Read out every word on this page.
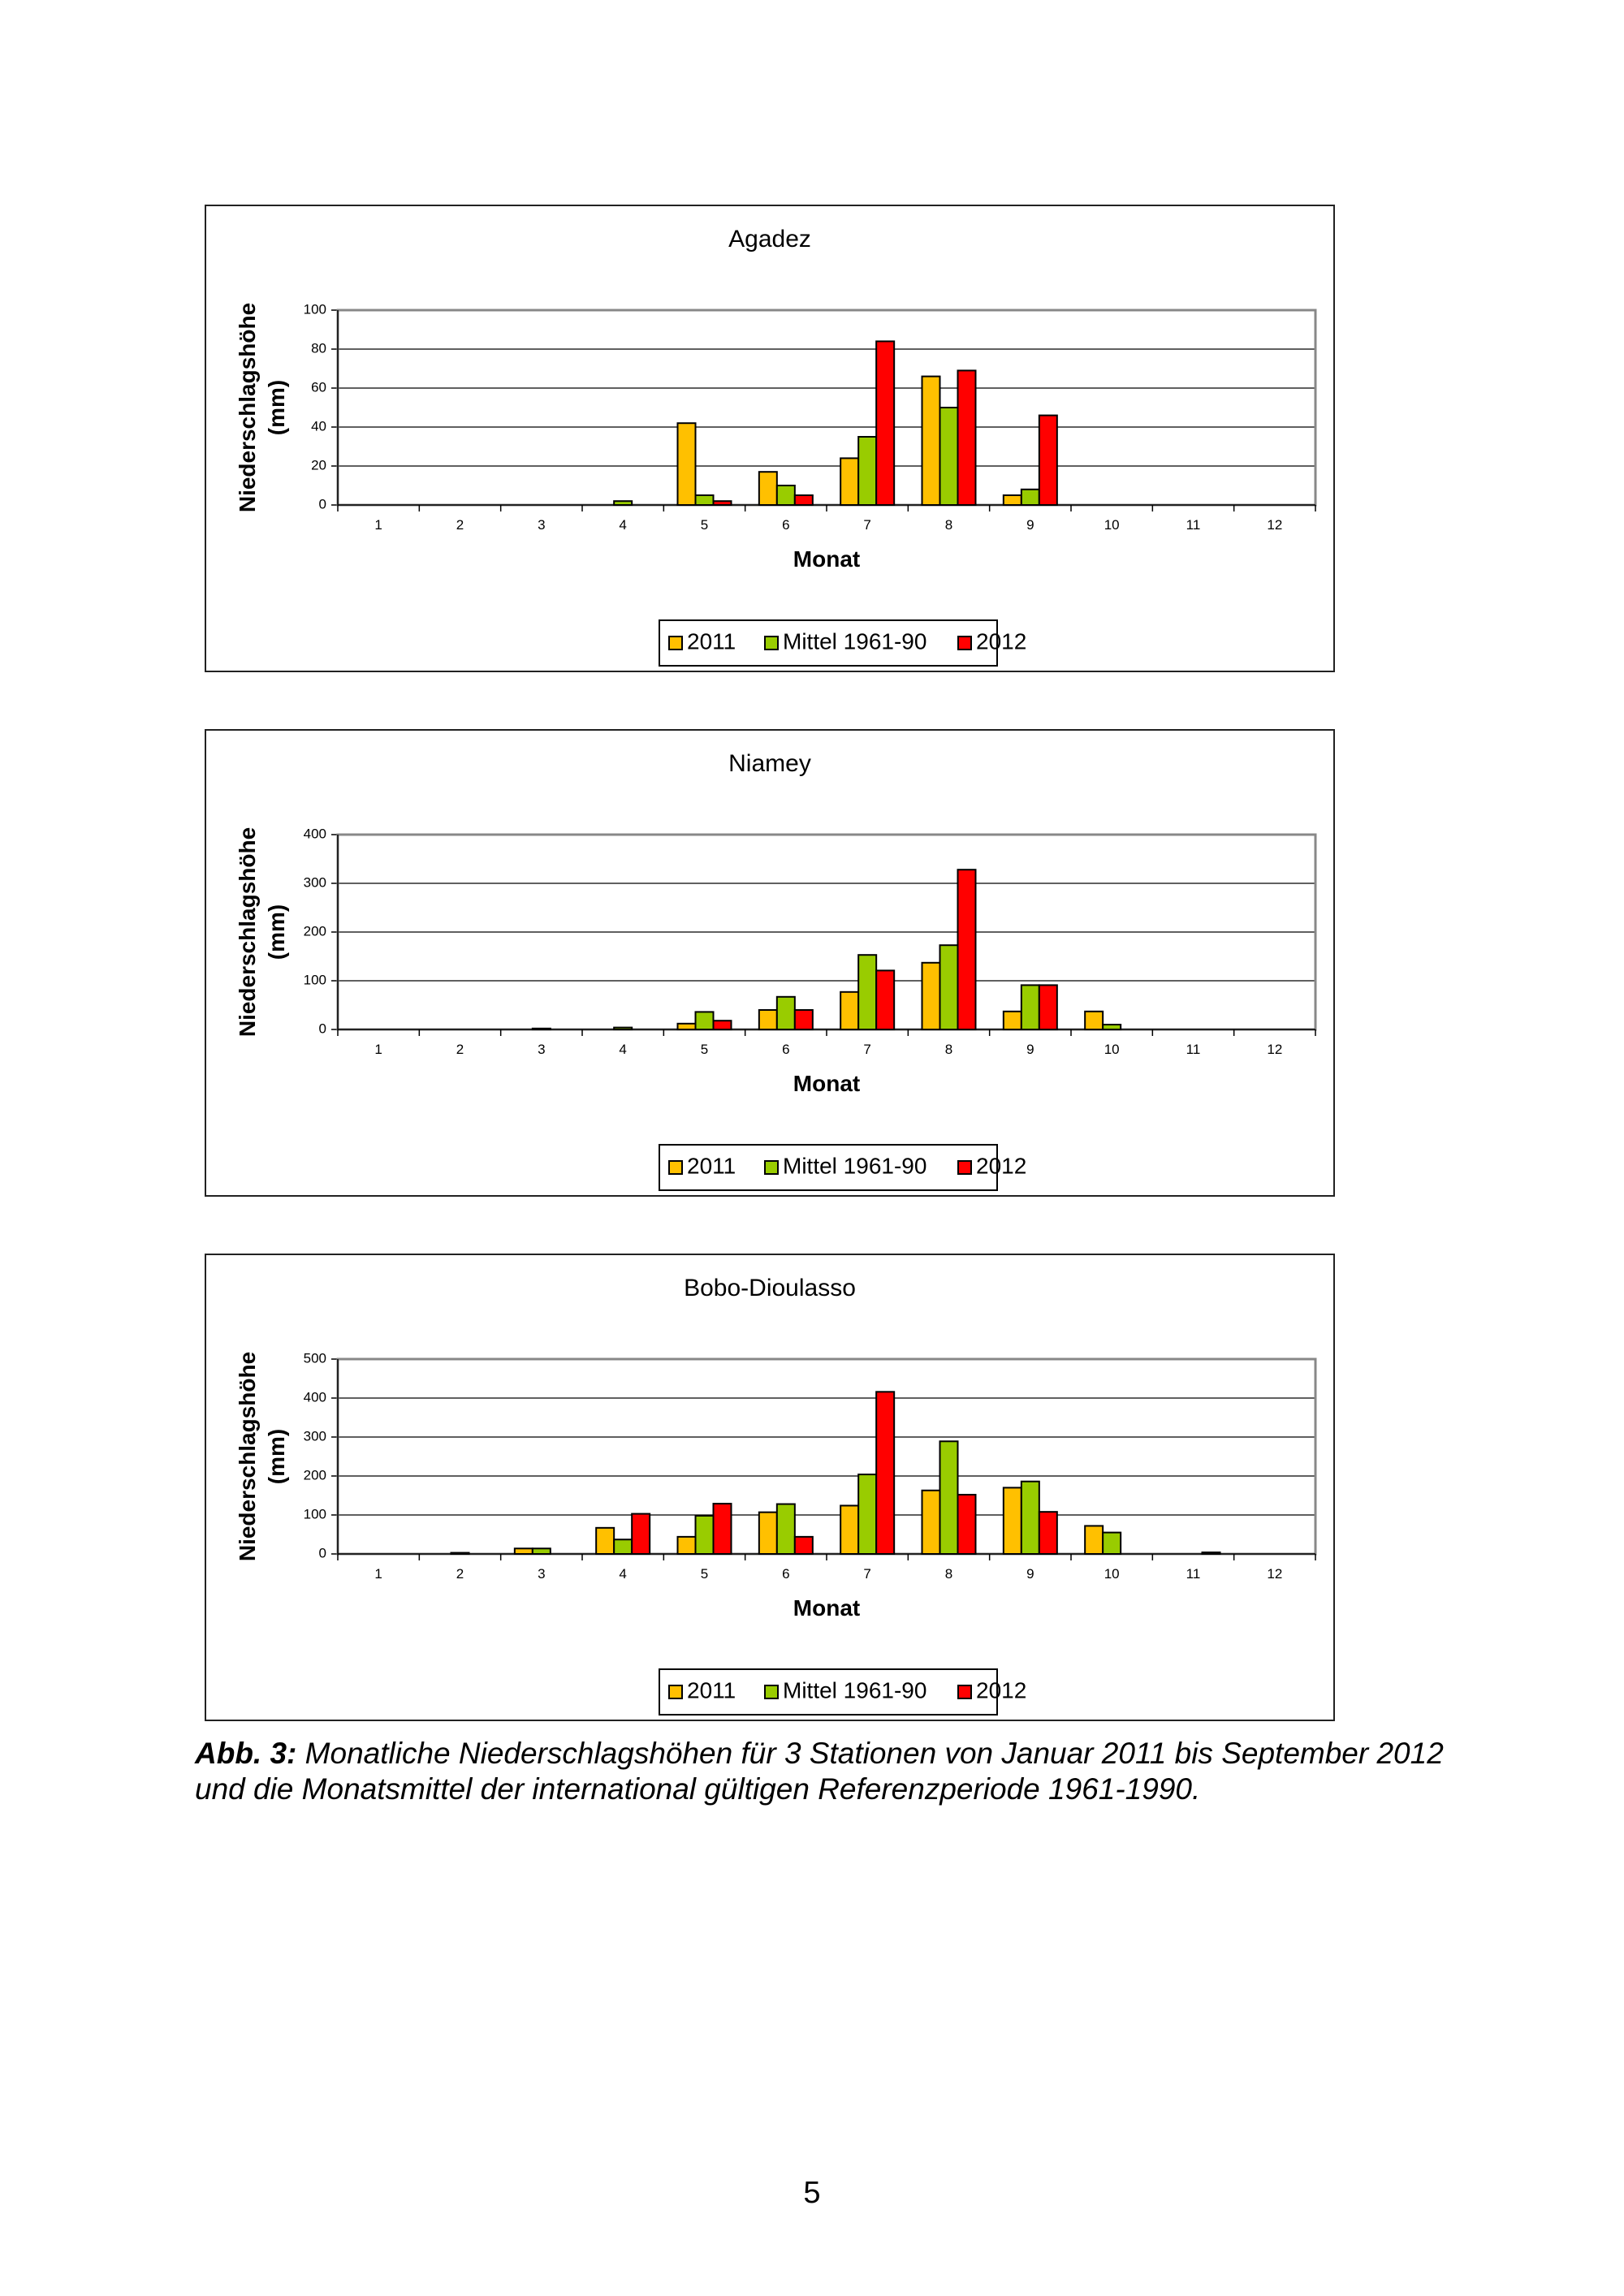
Agadez
Niederschlagshöhe (mm)
0
20
40
60
80
100
1	2	3	4	5	6	7	8	9	10	11	12
Monat
2011 Mittel 1961-90 2012
Niamey
Niederschlagshöhe (mm)
0
100
200
300
400
1	2	3	4	5	6	7	8	9	10	11	12
Monat
2011 Mittel 1961-90 2012
Bobo-Dioulasso
Niederschlagshöhe (mm)
0
100
200
300
400
500
1	2	3	4	5	6	7	8	9	10	11	12
Monat
2011 Mittel 1961-90 2012
Abb. 3: Monatliche Niederschlagshöhen für 3 Stationen von Januar 2011 bis September 2012 und die Monatsmittel der international gültigen Referenzperiode 1961-1990.
5
